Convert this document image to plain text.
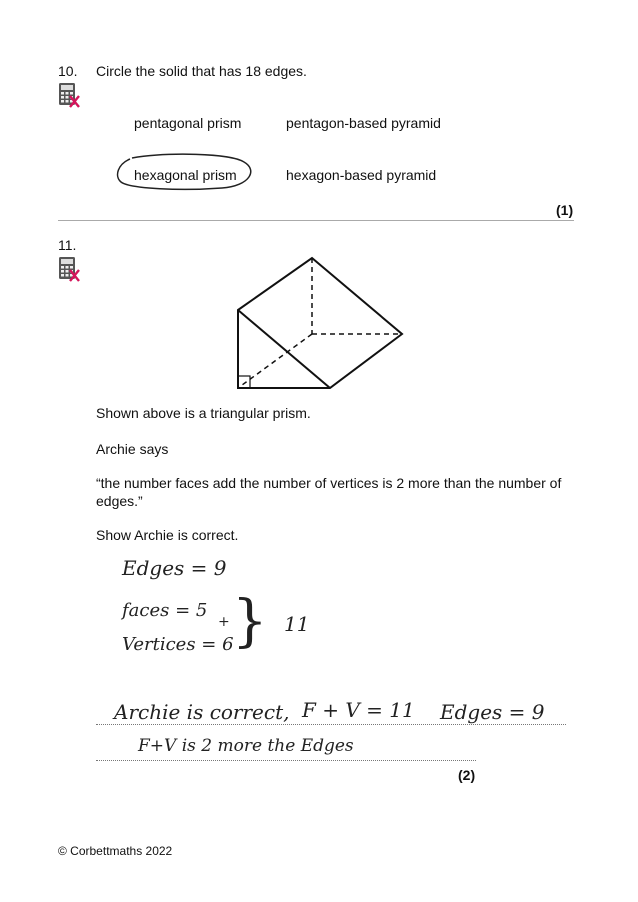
10. Circle the solid that has 18 edges.
pentagonal prism	pentagon-based pyramid
hexagonal prism	hexagon-based pyramid
(1)
11.
Shown above is a triangular prism.
Archie says
“the number faces add the number of vertices is 2 more than the number of
edges.”
Show Archie is correct.
Edges = 9
faces = 5
+
Vertices = 6
} 11
Archie is correct, F + V = 11 Edges = 9
F+V is 2 more the Edges
(2)
© Corbettmaths 2022
